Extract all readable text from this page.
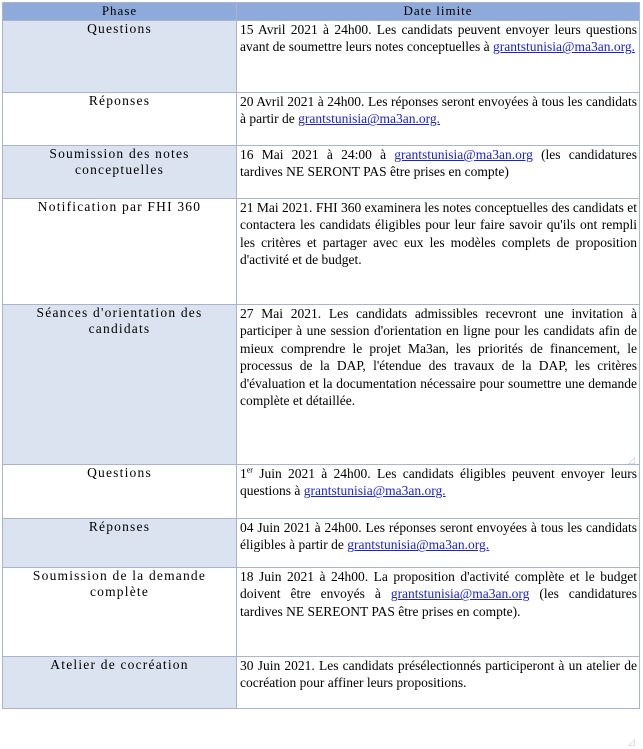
Phase	Date limite
Questions	15 Avril 2021 à 24h00. Les candidats peuvent envoyer leurs questions avant de soumettre leurs notes conceptuelles à grantstunisia@ma3an.org.
Réponses	20 Avril 2021 à 24h00. Les réponses seront envoyées à tous les candidats à partir de grantstunisia@ma3an.org.
Soumission des notes conceptuelles	16 Mai 2021 à 24:00 à grantstunisia@ma3an.org (les candidatures tardives NE SERONT PAS être prises en compte)
Notification par FHI 360	21 Mai 2021. FHI 360 examinera les notes conceptuelles des candidats et contactera les candidats éligibles pour leur faire savoir qu'ils ont rempli les critères et partager avec eux les modèles complets de proposition d'activité et de budget.
Séances d'orientation des candidats	27 Mai 2021. Les candidats admissibles recevront une invitation à participer à une session d'orientation en ligne pour les candidats afin de mieux comprendre le projet Ma3an, les priorités de financement, le processus de la DAP, l'étendue des travaux de la DAP, les critères d'évaluation et la documentation nécessaire pour soumettre une demande complète et détaillée.
Questions	1er Juin 2021 à 24h00. Les candidats éligibles peuvent envoyer leurs questions à grantstunisia@ma3an.org.
Réponses	04 Juin 2021 à 24h00. Les réponses seront envoyées à tous les candidats éligibles à partir de grantstunisia@ma3an.org.
Soumission de la demande complète	18 Juin 2021 à 24h00. La proposition d'activité complète et le budget doivent être envoyés à grantstunisia@ma3an.org (les candidatures tardives NE SEREONT PAS être prises en compte).
Atelier de cocréation	30 Juin 2021. Les candidats présélectionnés participeront à un atelier de cocréation pour affiner leurs propositions.
◿
◿
